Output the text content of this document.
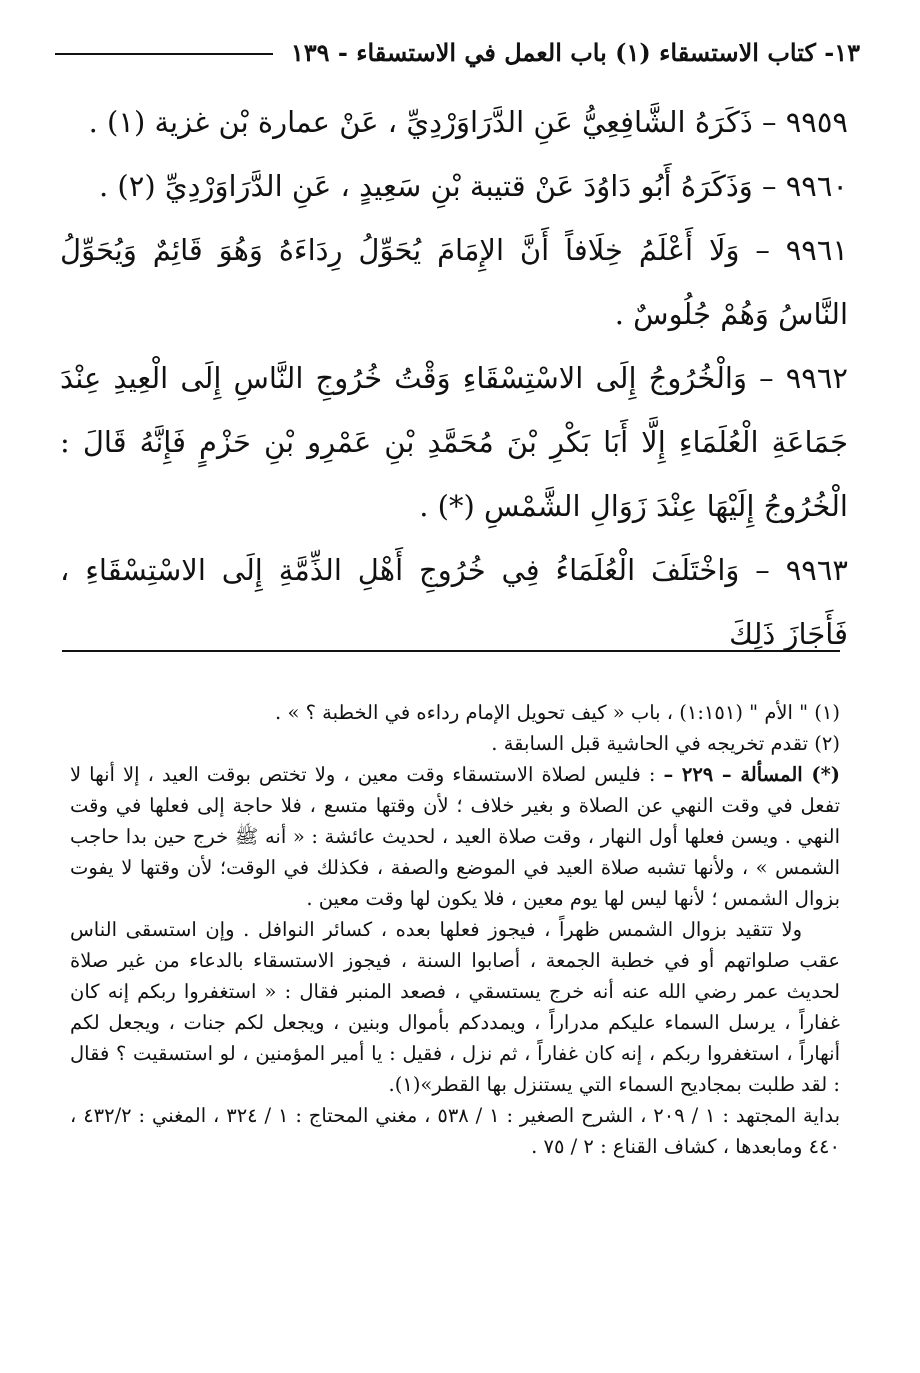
١٣- كتاب الاستسقاء (١) باب العمل في الاستسقاء - ١٣٩

٩٩٥٩ – ذَكَرَهُ الشَّافِعِيُّ عَنِ الدَّرَاوَرْدِيِّ ، عَنْ عمارة بْن غزية (١) .

٩٩٦٠ – وَذَكَرَهُ أَبُو دَاوُدَ عَنْ قتيبة بْنِ سَعِيدٍ ، عَنِ الدَّرَاوَرْدِيِّ (٢) .

٩٩٦١ – وَلَا أَعْلَمُ خِلَافاً أَنَّ الإِمَامَ يُحَوِّلُ رِدَاءَهُ وَهُوَ قَائِمٌ وَيُحَوِّلُ النَّاسُ وَهُمْ جُلُوسٌ .

٩٩٦٢ – وَالْخُرُوجُ إِلَى الاسْتِسْقَاءِ وَقْتُ خُرُوجِ النَّاسِ إِلَى الْعِيدِ عِنْدَ جَمَاعَةِ الْعُلَمَاءِ إِلَّا أَبَا بَكْرِ بْنَ مُحَمَّدِ بْنِ عَمْرِو بْنِ حَزْمٍ فَإِنَّهُ قَالَ : الْخُرُوجُ إِلَيْهَا عِنْدَ زَوَالِ الشَّمْسِ (*) .

٩٩٦٣ – وَاخْتَلَفَ الْعُلَمَاءُ فِي خُرُوجِ أَهْلِ الذِّمَّةِ إِلَى الاسْتِسْقَاءِ ، فَأَجَازَ ذَلِكَ

(١) " الأم " (١:١٥١) ، باب « كيف تحويل الإمام رداءه في الخطبة ؟ » .

(٢) تقدم تخريجه في الحاشية قبل السابقة .

(*) المسألة – ٢٢٩ – : فليس لصلاة الاستسقاء وقت معين ، ولا تختص بوقت العيد ، إلا أنها لا تفعل في وقت النهي عن الصلاة و بغير خلاف ؛ لأن وقتها متسع ، فلا حاجة إلى فعلها في وقت النهي . ويسن فعلها أول النهار ، وقت صلاة العيد ، لحديث عائشة : « أنه ﷺ خرج حين بدا حاجب الشمس » ، ولأنها تشبه صلاة العيد في الموضع والصفة ، فكذلك في الوقت؛ لأن وقتها لا يفوت بزوال الشمس ؛ لأنها ليس لها يوم معين ، فلا يكون لها وقت معين .

ولا تتقيد بزوال الشمس ظهراً ، فيجوز فعلها بعده ، كسائر النوافل . وإن استسقى الناس عقب صلواتهم أو في خطبة الجمعة ، أصابوا السنة ، فيجوز الاستسقاء بالدعاء من غير صلاة لحديث عمر رضي الله عنه أنه خرج يستسقي ، فصعد المنبر فقال : « استغفروا ربكم إنه كان غفاراً ، يرسل السماء عليكم مدراراً ، ويمددكم بأموال وبنين ، ويجعل لكم جنات ، ويجعل لكم أنهاراً ، استغفروا ربكم ، إنه كان غفاراً ، ثم نزل ، فقيل : يا أمير المؤمنين ، لو استسقيت ؟ فقال : لقد طلبت بمجاديح السماء التي يستنزل بها القطر»(١).

بداية المجتهد : ١ / ٢٠٩ ، الشرح الصغير : ١ / ٥٣٨ ، مغني المحتاج : ١ / ٣٢٤ ، المغني : ٤٣٢/٢ ، ٤٤٠ ومابعدها ، كشاف القناع : ٢ / ٧٥ .
